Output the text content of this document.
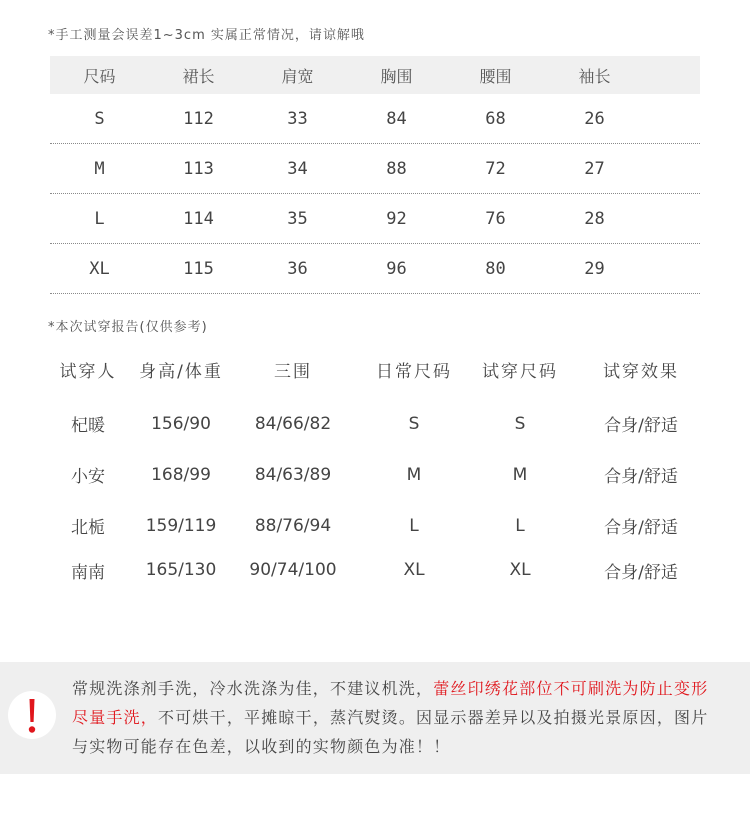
*手工测量会误差1~3cm 实属正常情况，请谅解哦
尺码	裙长	肩宽	胸围	腰围	袖长
S	112	33	84	68	26
M	113	34	88	72	27
L	114	35	92	76	28
XL	115	36	96	80	29
*本次试穿报告(仅供参考)
试穿人	身高/体重	三围	日常尺码	试穿尺码	试穿效果
杞暖	156/90	84/66/82	S	S	合身/舒适
小安	168/99	84/63/89	M	M	合身/舒适
北栀	159/119	88/76/94	L	L	合身/舒适
南南	165/130	90/74/100	XL	XL	合身/舒适
常规洗涤剂手洗，冷水洗涤为佳，不建议机洗，蕾丝印绣花部位不可刷洗为防止变形尽量手洗，不可烘干，平摊晾干，蒸汽熨烫。因显示器差异以及拍摄光景原因，图片与实物可能存在色差，以收到的实物颜色为准！！
